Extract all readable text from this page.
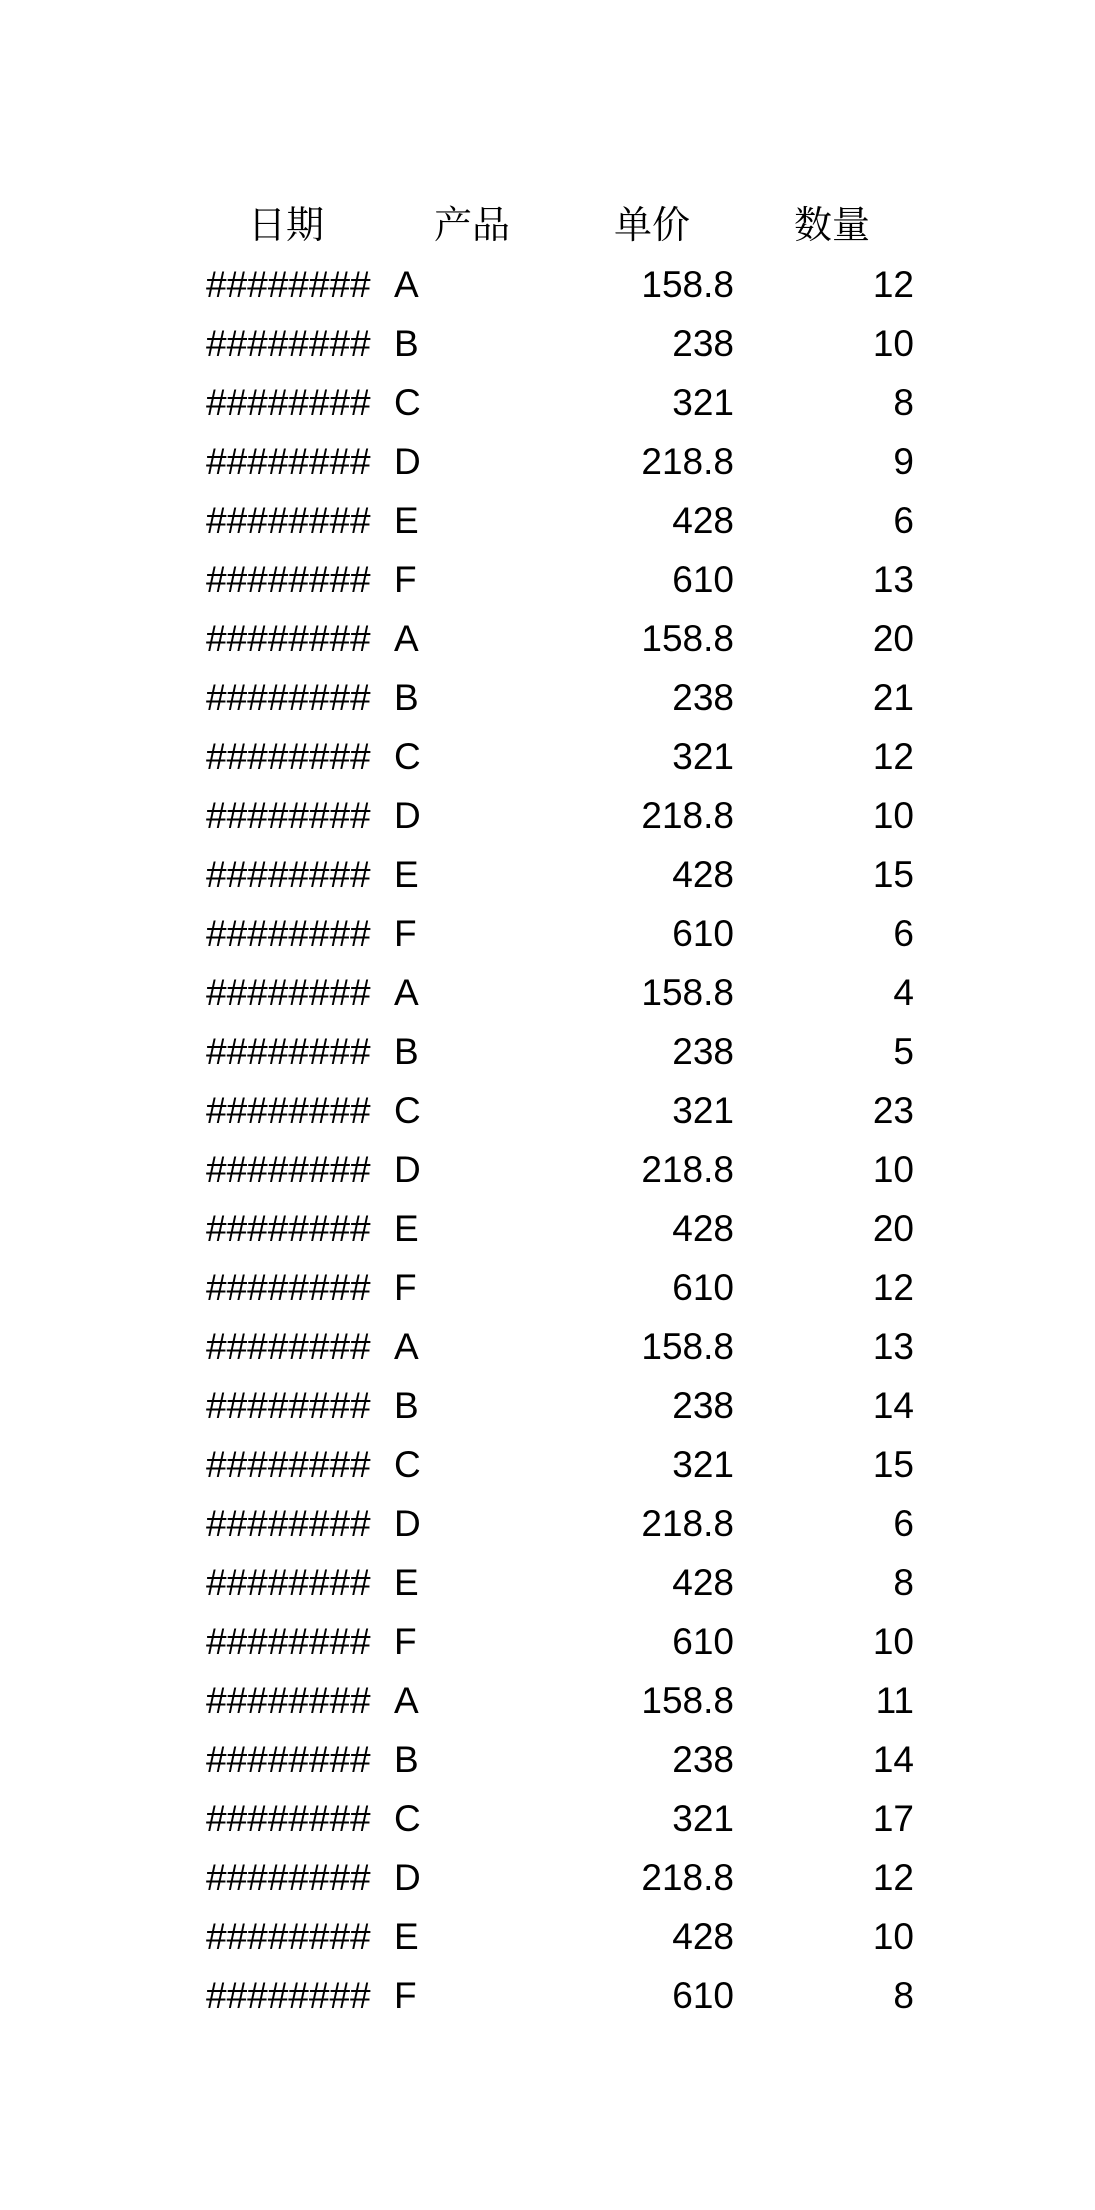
日期	产品	单价	数量
######## A	158.8	12
######## B	238	10
######## C	321	8
######## D	218.8	9
######## E	428	6
######## F	610	13
######## A	158.8	20
######## B	238	21
######## C	321	12
######## D	218.8	10
######## E	428	15
######## F	610	6
######## A	158.8	4
######## B	238	5
######## C	321	23
######## D	218.8	10
######## E	428	20
######## F	610	12
######## A	158.8	13
######## B	238	14
######## C	321	15
######## D	218.8	6
######## E	428	8
######## F	610	10
######## A	158.8	11
######## B	238	14
######## C	321	17
######## D	218.8	12
######## E	428	10
######## F	610	8
